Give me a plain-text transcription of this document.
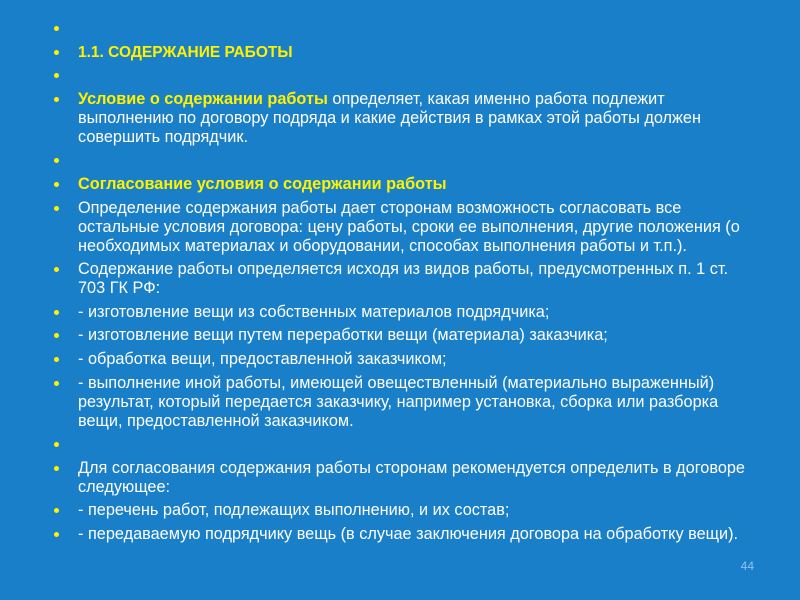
1.1. СОДЕРЖАНИЕ РАБОТЫ
Условие о содержании работы определяет, какая именно работа подлежит выполнению по договору подряда и какие действия в рамках этой работы должен совершить подрядчик.
Согласование условия о содержании работы
Определение содержания работы дает сторонам возможность согласовать все остальные условия договора: цену работы, сроки ее выполнения, другие положения (о необходимых материалах и оборудовании, способах выполнения работы и т.п.).
Содержание работы определяется исходя из видов работы, предусмотренных п. 1 ст. 703 ГК РФ:
- изготовление вещи из собственных материалов подрядчика;
- изготовление вещи путем переработки вещи (материала) заказчика;
- обработка вещи, предоставленной заказчиком;
- выполнение иной работы, имеющей овеществленный (материально выраженный) результат, который передается заказчику, например установка, сборка или разборка вещи, предоставленной заказчиком.
Для согласования содержания работы сторонам рекомендуется определить в договоре следующее:
- перечень работ, подлежащих выполнению, и их состав;
- передаваемую подрядчику вещь (в случае заключения договора на обработку вещи).
44
